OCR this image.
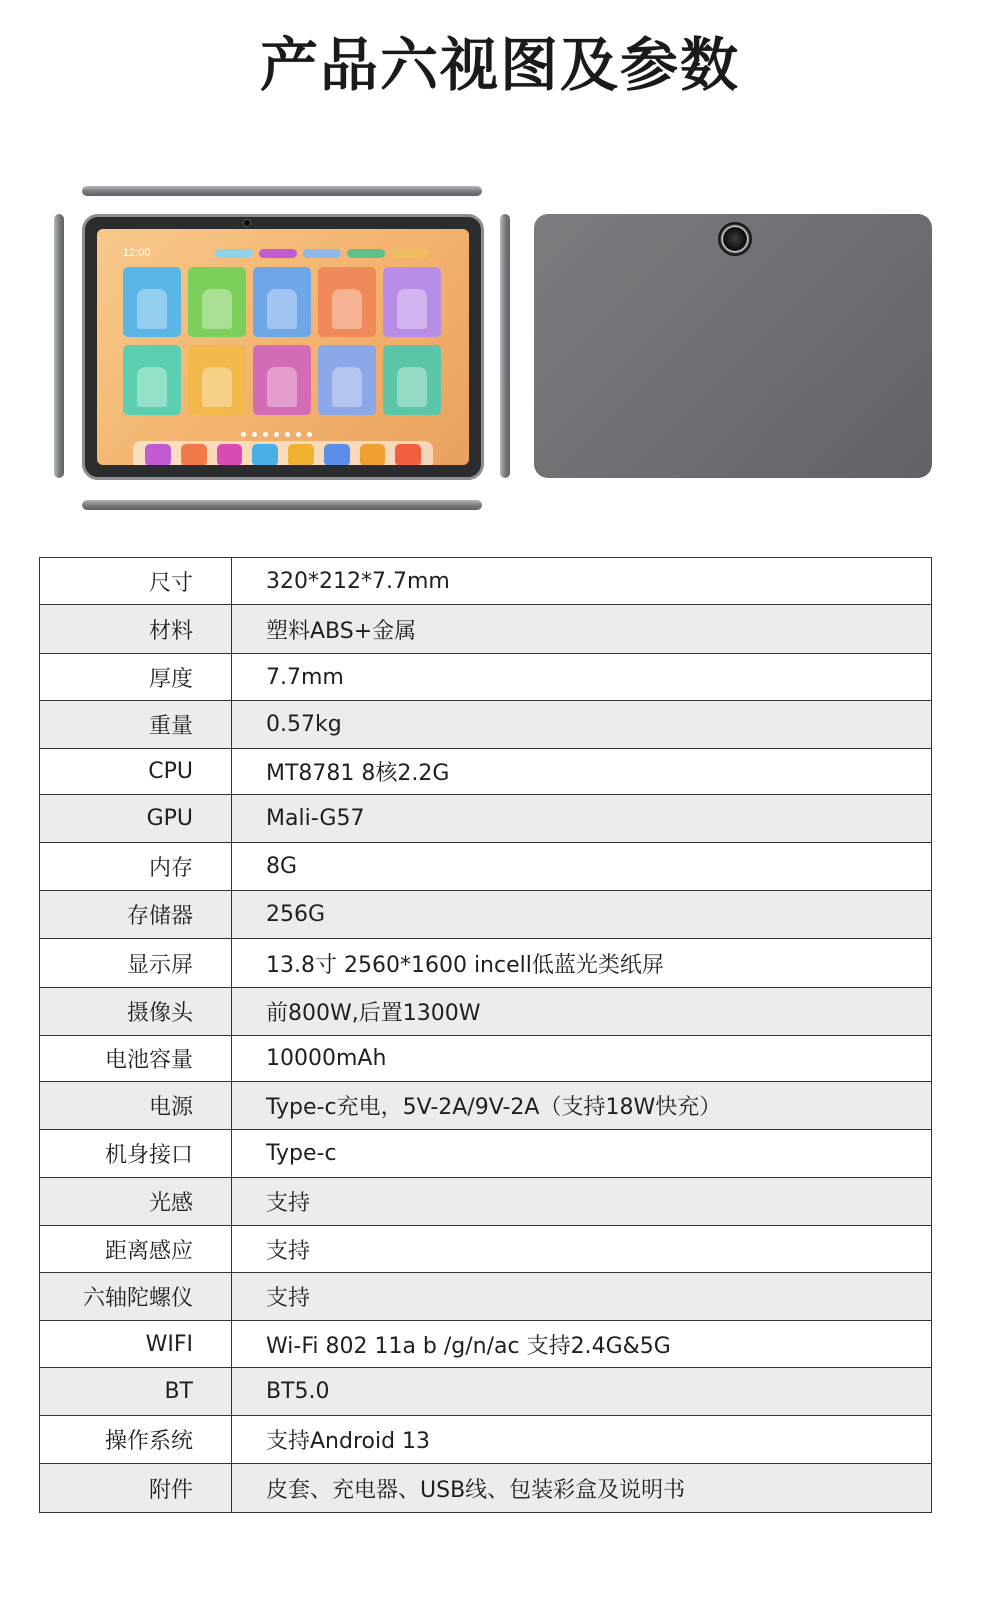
产品六视图及参数
12:00
尺寸	320*212*7.7mm
材料	塑料ABS+金属
厚度	7.7mm
重量	0.57kg
CPU	MT8781 8核2.2G
GPU	Mali-G57
内存	8G
存储器	256G
显示屏	13.8寸 2560*1600 incell低蓝光类纸屏
摄像头	前800W,后置1300W
电池容量	10000mAh
电源	Type-c充电，5V-2A/9V-2A（支持18W快充）
机身接口	Type-c
光感	支持
距离感应	支持
六轴陀螺仪	支持
WIFI	Wi-Fi 802 11a b /g/n/ac 支持2.4G&5G
BT	BT5.0
操作系统	支持Android 13
附件	皮套、充电器、USB线、包装彩盒及说明书
